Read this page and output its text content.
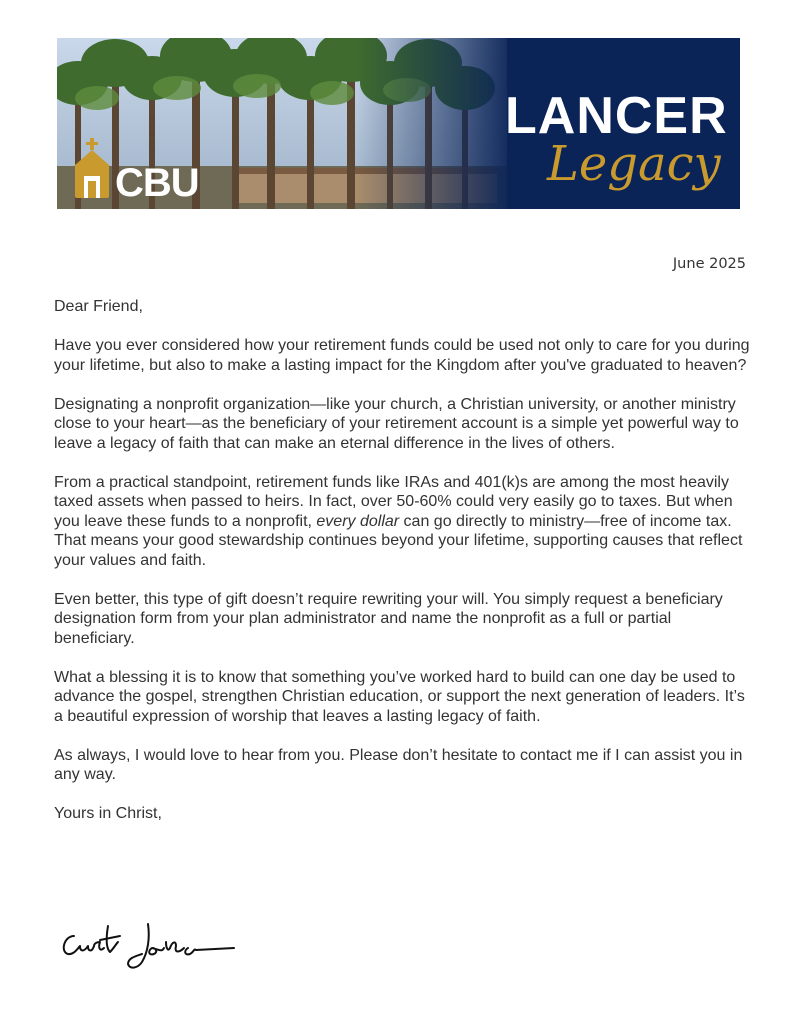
CBU
LANCER
Legacy
June 2025

Dear Friend,

Have you ever considered how your retirement funds could be used not only to care for you during your lifetime, but also to make a lasting impact for the Kingdom after you've graduated to heaven?

Designating a nonprofit organization—like your church, a Christian university, or another ministry close to your heart—as the beneficiary of your retirement account is a simple yet powerful way to leave a legacy of faith that can make an eternal difference in the lives of others.

From a practical standpoint, retirement funds like IRAs and 401(k)s are among the most heavily taxed assets when passed to heirs. In fact, over 50-60% could very easily go to taxes. But when you leave these funds to a nonprofit, every dollar can go directly to ministry—free of income tax. That means your good stewardship continues beyond your lifetime, supporting causes that reflect your values and faith.

Even better, this type of gift doesn’t require rewriting your will. You simply request a beneficiary designation form from your plan administrator and name the nonprofit as a full or partial beneficiary.

What a blessing it is to know that something you’ve worked hard to build can one day be used to advance the gospel, strengthen Christian education, or support the next generation of leaders. It’s a beautiful expression of worship that leaves a lasting legacy of faith.

As always, I would love to hear from you. Please don’t hesitate to contact me if I can assist you in any way.

Yours in Christ,
